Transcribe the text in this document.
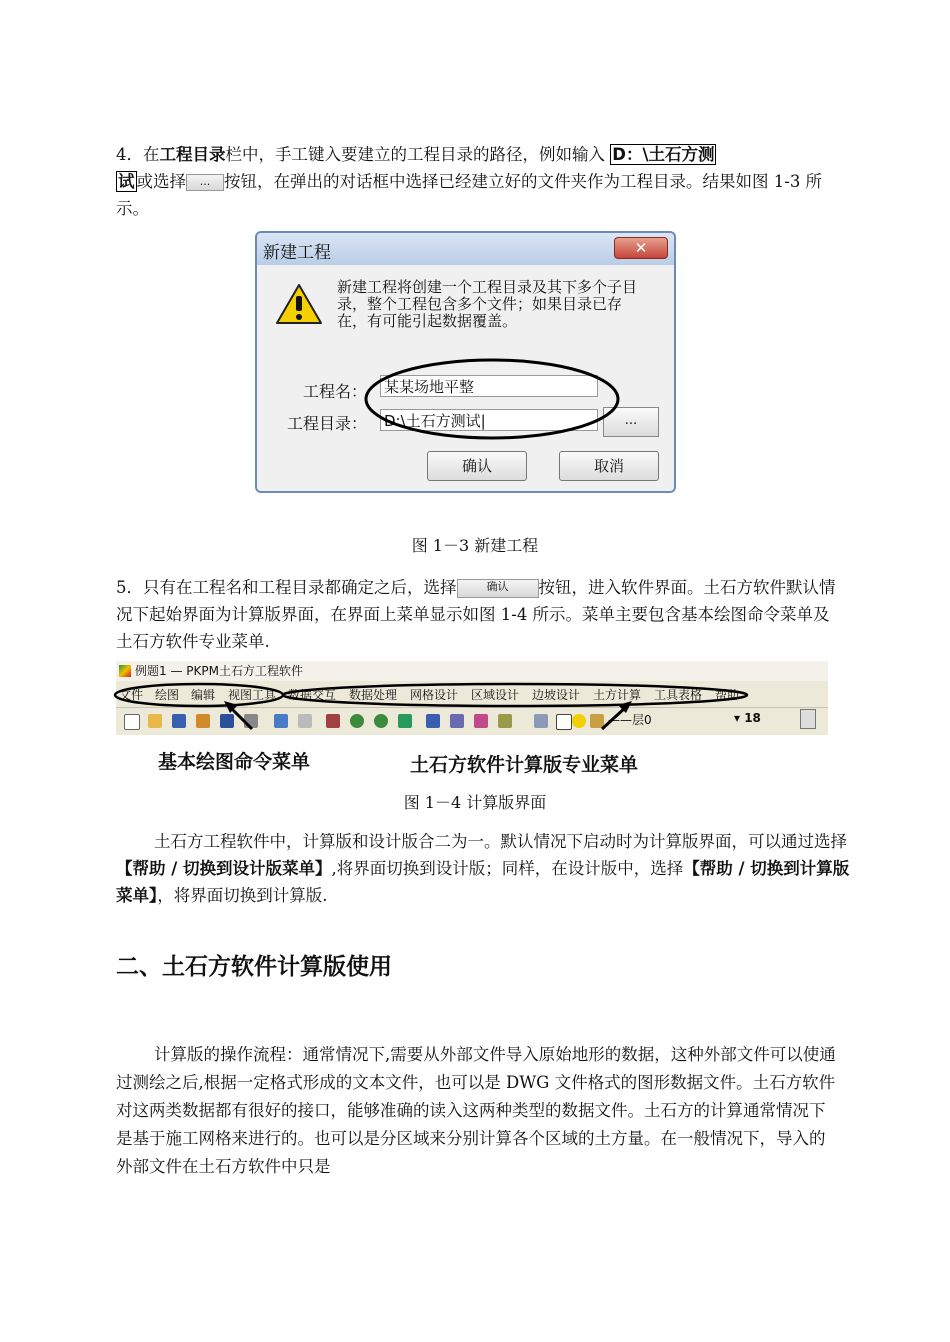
4．在工程目录栏中，手工键入要建立的工程目录的路径，例如输入 D：\土石方测
试 或选择 ... 按钮，在弹出的对话框中选择已经建立好的文件夹作为工程目录。结果如图 1-3 所示。
新建工程	✕
新建工程将创建一个工程目录及其下多个子目录，整个工程包含多个文件；如果目录已存在，有可能引起数据覆盖。
工程名： 某某场地平整
工程目录： D:\土石方测试|	...
确认	取消
图 1－3 新建工程
5．只有在工程名和工程目录都确定之后，选择	确认 按钮，进入软件界面。土石方软件默认情况下起始界面为计算版界面，在界面上菜单显示如图 1-4 所示。菜单主要包含基本绘图命令菜单及土石方软件专业菜单.
例题1 — PKPM土石方工程软件
文件 绘图 编辑 视图工具 数据交互 数据处理 网格设计 区域设计 边坡设计 土方计算 工具表格 帮助
——层0	▾ 18
基本绘图命令菜单	土石方软件计算版专业菜单
图 1－4 计算版界面
土石方工程软件中，计算版和设计版合二为一。默认情况下启动时为计算版界面，可以通过选择【帮助 / 切换到设计版菜单】,将界面切换到设计版；同样，在设计版中，选择【帮助 / 切换到计算版菜单】，将界面切换到计算版.
二、土石方软件计算版使用
计算版的操作流程：通常情况下,需要从外部文件导入原始地形的数据，这种外部文件可以使通过测绘之后,根据一定格式形成的文本文件，也可以是 DWG 文件格式的图形数据文件。土石方软件对这两类数据都有很好的接口，能够准确的读入这两种类型的数据文件。土石方的计算通常情况下是基于施工网格来进行的。也可以是分区域来分别计算各个区域的土方量。在一般情况下，导入的外部文件在土石方软件中只是
